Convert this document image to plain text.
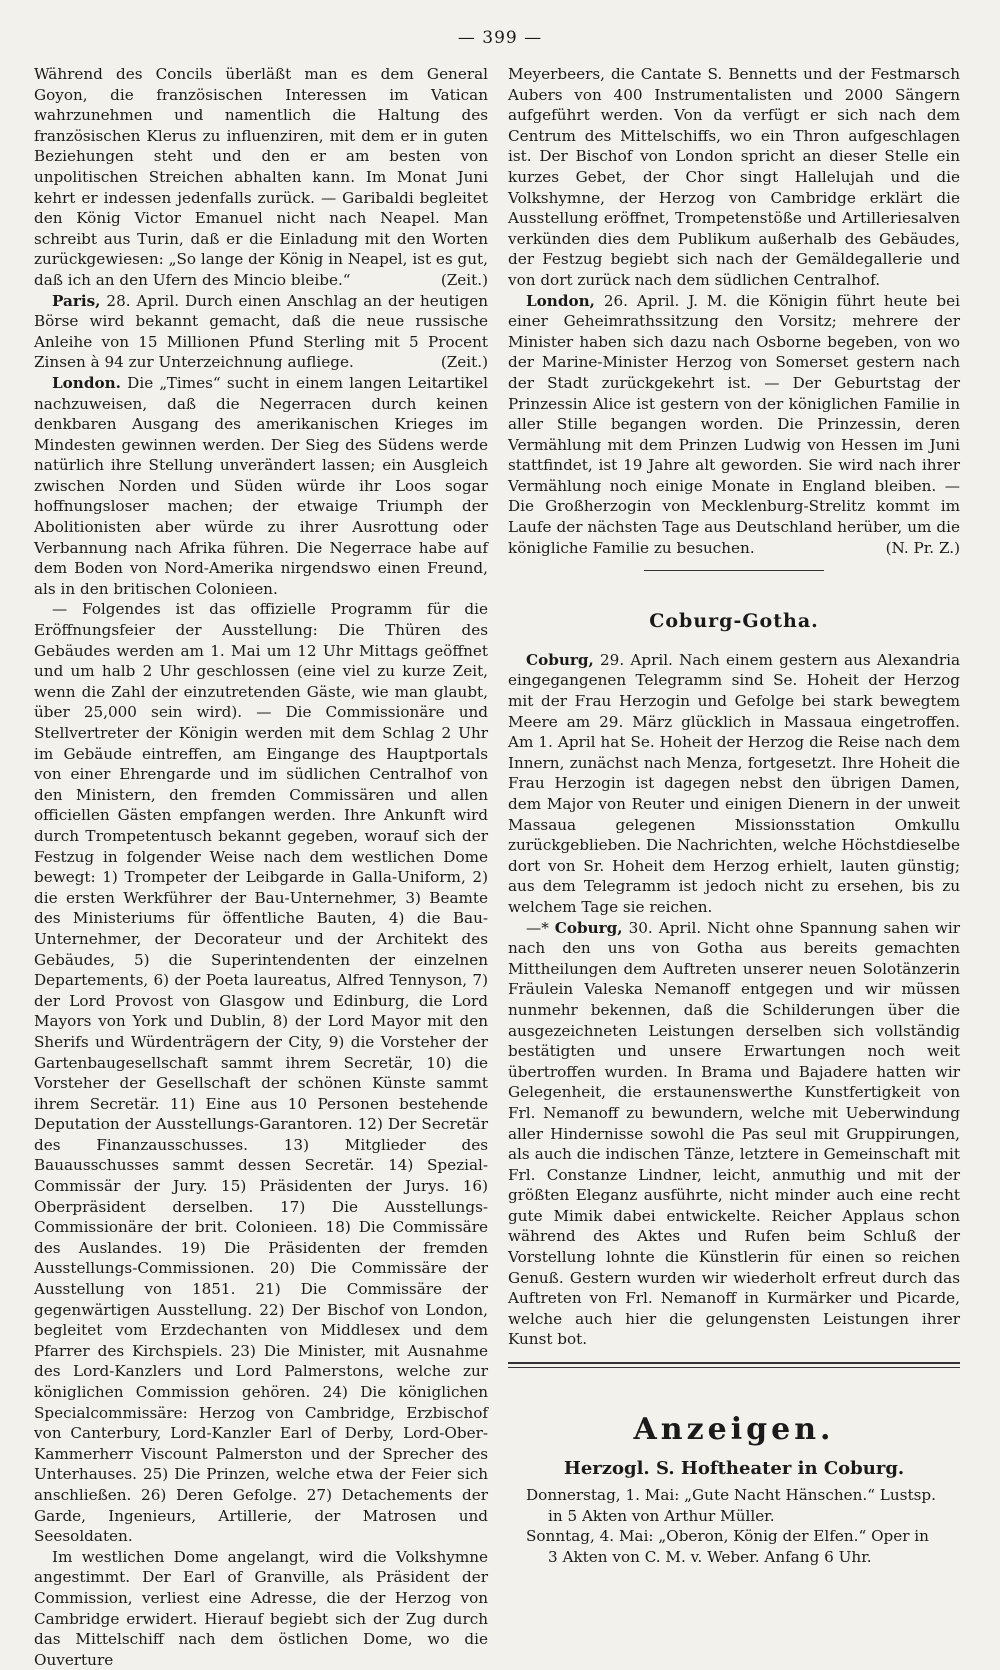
— 399 —

Während des Concils überläßt man es dem General Goyon, die französischen Interessen im Vatican wahrzunehmen und namentlich die Haltung des französischen Klerus zu influenziren, mit dem er in guten Beziehungen steht und den er am besten von unpolitischen Streichen abhalten kann. Im Monat Juni kehrt er indessen jedenfalls zurück. — Garibaldi begleitet den König Victor Emanuel nicht nach Neapel. Man schreibt aus Turin, daß er die Einladung mit den Worten zurückgewiesen: „So lange der König in Neapel, ist es gut, daß ich an den Ufern des Mincio bleibe.“	(Zeit.)

Paris, 28. April. Durch einen Anschlag an der heutigen Börse wird bekannt gemacht, daß die neue russische Anleihe von 15 Millionen Pfund Sterling mit 5 Procent Zinsen à 94 zur Unterzeichnung aufliege.	(Zeit.)

London. Die „Times“ sucht in einem langen Leitartikel nachzuweisen, daß die Negerracen durch keinen denkbaren Ausgang des amerikanischen Krieges im Mindesten gewinnen werden. Der Sieg des Südens werde natürlich ihre Stellung unverändert lassen; ein Ausgleich zwischen Norden und Süden würde ihr Loos sogar hoffnungsloser machen; der etwaige Triumph der Abolitionisten aber würde zu ihrer Ausrottung oder Verbannung nach Afrika führen. Die Negerrace habe auf dem Boden von Nord-Amerika nirgendswo einen Freund, als in den britischen Colonieen.

— Folgendes ist das offizielle Programm für die Eröffnungsfeier der Ausstellung: Die Thüren des Gebäudes werden am 1. Mai um 12 Uhr Mittags geöffnet und um halb 2 Uhr geschlossen (eine viel zu kurze Zeit, wenn die Zahl der einzutretenden Gäste, wie man glaubt, über 25,000 sein wird). — Die Commissionäre und Stellvertreter der Königin werden mit dem Schlag 2 Uhr im Gebäude eintreffen, am Eingange des Hauptportals von einer Ehrengarde und im südlichen Centralhof von den Ministern, den fremden Commissären und allen officiellen Gästen empfangen werden. Ihre Ankunft wird durch Trompetentusch bekannt gegeben, worauf sich der Festzug in folgender Weise nach dem westlichen Dome bewegt: 1) Trompeter der Leibgarde in Galla-Uniform, 2) die ersten Werkführer der Bau-Unternehmer, 3) Beamte des Ministeriums für öffentliche Bauten, 4) die Bau-Unternehmer, der Decorateur und der Architekt des Gebäudes, 5) die Superintendenten der einzelnen Departements, 6) der Poeta laureatus, Alfred Tennyson, 7) der Lord Provost von Glasgow und Edinburg, die Lord Mayors von York und Dublin, 8) der Lord Mayor mit den Sherifs und Würdenträgern der City, 9) die Vorsteher der Gartenbaugesellschaft sammt ihrem Secretär, 10) die Vorsteher der Gesellschaft der schönen Künste sammt ihrem Secretär. 11) Eine aus 10 Personen bestehende Deputation der Ausstellungs-Garantoren. 12) Der Secretär des Finanzausschusses. 13) Mitglieder des Bauausschusses sammt dessen Secretär. 14) Spezial-Commissär der Jury. 15) Präsidenten der Jurys. 16) Oberpräsident derselben. 17) Die Ausstellungs-Commissionäre der brit. Colonieen. 18) Die Commissäre des Auslandes. 19) Die Präsidenten der fremden Ausstellungs-Commissionen. 20) Die Commissäre der Ausstellung von 1851. 21) Die Commissäre der gegenwärtigen Ausstellung. 22) Der Bischof von London, begleitet vom Erzdechanten von Middlesex und dem Pfarrer des Kirchspiels. 23) Die Minister, mit Ausnahme des Lord-Kanzlers und Lord Palmerstons, welche zur königlichen Commission gehören. 24) Die königlichen Specialcommissäre: Herzog von Cambridge, Erzbischof von Canterbury, Lord-Kanzler Earl of Derby, Lord-Ober-Kammerherr Viscount Palmerston und der Sprecher des Unterhauses. 25) Die Prinzen, welche etwa der Feier sich anschließen. 26) Deren Gefolge. 27) Detachements der Garde, Ingenieurs, Artillerie, der Matrosen und Seesoldaten.

Im westlichen Dome angelangt, wird die Volkshymne angestimmt. Der Earl of Granville, als Präsident der Commission, verliest eine Adresse, die der Herzog von Cambridge erwidert. Hierauf begiebt sich der Zug durch das Mittelschiff nach dem östlichen Dome, wo die Ouverture

Meyerbeers, die Cantate S. Bennetts und der Festmarsch Aubers von 400 Instrumentalisten und 2000 Sängern aufgeführt werden. Von da verfügt er sich nach dem Centrum des Mittelschiffs, wo ein Thron aufgeschlagen ist. Der Bischof von London spricht an dieser Stelle ein kurzes Gebet, der Chor singt Hallelujah und die Volkshymne, der Herzog von Cambridge erklärt die Ausstellung eröffnet, Trompetenstöße und Artilleriesalven verkünden dies dem Publikum außerhalb des Gebäudes, der Festzug begiebt sich nach der Gemäldegallerie und von dort zurück nach dem südlichen Centralhof.

London, 26. April. J. M. die Königin führt heute bei einer Geheimrathssitzung den Vorsitz; mehrere der Minister haben sich dazu nach Osborne begeben, von wo der Marine-Minister Herzog von Somerset gestern nach der Stadt zurückgekehrt ist. — Der Geburtstag der Prinzessin Alice ist gestern von der königlichen Familie in aller Stille begangen worden. Die Prinzessin, deren Vermählung mit dem Prinzen Ludwig von Hessen im Juni stattfindet, ist 19 Jahre alt geworden. Sie wird nach ihrer Vermählung noch einige Monate in England bleiben. — Die Großherzogin von Mecklenburg-Strelitz kommt im Laufe der nächsten Tage aus Deutschland herüber, um die königliche Familie zu besuchen.	(N. Pr. Z.)

Coburg-Gotha.

Coburg, 29. April. Nach einem gestern aus Alexandria eingegangenen Telegramm sind Se. Hoheit der Herzog mit der Frau Herzogin und Gefolge bei stark bewegtem Meere am 29. März glücklich in Massaua eingetroffen. Am 1. April hat Se. Hoheit der Herzog die Reise nach dem Innern, zunächst nach Menza, fortgesetzt. Ihre Hoheit die Frau Herzogin ist dagegen nebst den übrigen Damen, dem Major von Reuter und einigen Dienern in der unweit Massaua gelegenen Missionsstation Omkullu zurückgeblieben. Die Nachrichten, welche Höchstdieselbe dort von Sr. Hoheit dem Herzog erhielt, lauten günstig; aus dem Telegramm ist jedoch nicht zu ersehen, bis zu welchem Tage sie reichen.

—* Coburg, 30. April. Nicht ohne Spannung sahen wir nach den uns von Gotha aus bereits gemachten Mittheilungen dem Auftreten unserer neuen Solotänzerin Fräulein Valeska Nemanoff entgegen und wir müssen nunmehr bekennen, daß die Schilderungen über die ausgezeichneten Leistungen derselben sich vollständig bestätigten und unsere Erwartungen noch weit übertroffen wurden. In Brama und Bajadere hatten wir Gelegenheit, die erstaunenswerthe Kunstfertigkeit von Frl. Nemanoff zu bewundern, welche mit Ueberwindung aller Hindernisse sowohl die Pas seul mit Gruppirungen, als auch die indischen Tänze, letztere in Gemeinschaft mit Frl. Constanze Lindner, leicht, anmuthig und mit der größten Eleganz ausführte, nicht minder auch eine recht gute Mimik dabei entwickelte. Reicher Applaus schon während des Aktes und Rufen beim Schluß der Vorstellung lohnte die Künstlerin für einen so reichen Genuß. Gestern wurden wir wiederholt erfreut durch das Auftreten von Frl. Nemanoff in Kurmärker und Picarde, welche auch hier die gelungensten Leistungen ihrer Kunst bot.

Anzeigen.
Herzogl. S. Hoftheater in Coburg.

Donnerstag, 1. Mai: „Gute Nacht Hänschen.“ Lustsp.
in 5 Akten von Arthur Müller.

Sonntag, 4. Mai: „Oberon, König der Elfen.“ Oper in
3 Akten von C. M. v. Weber. Anfang 6 Uhr.
